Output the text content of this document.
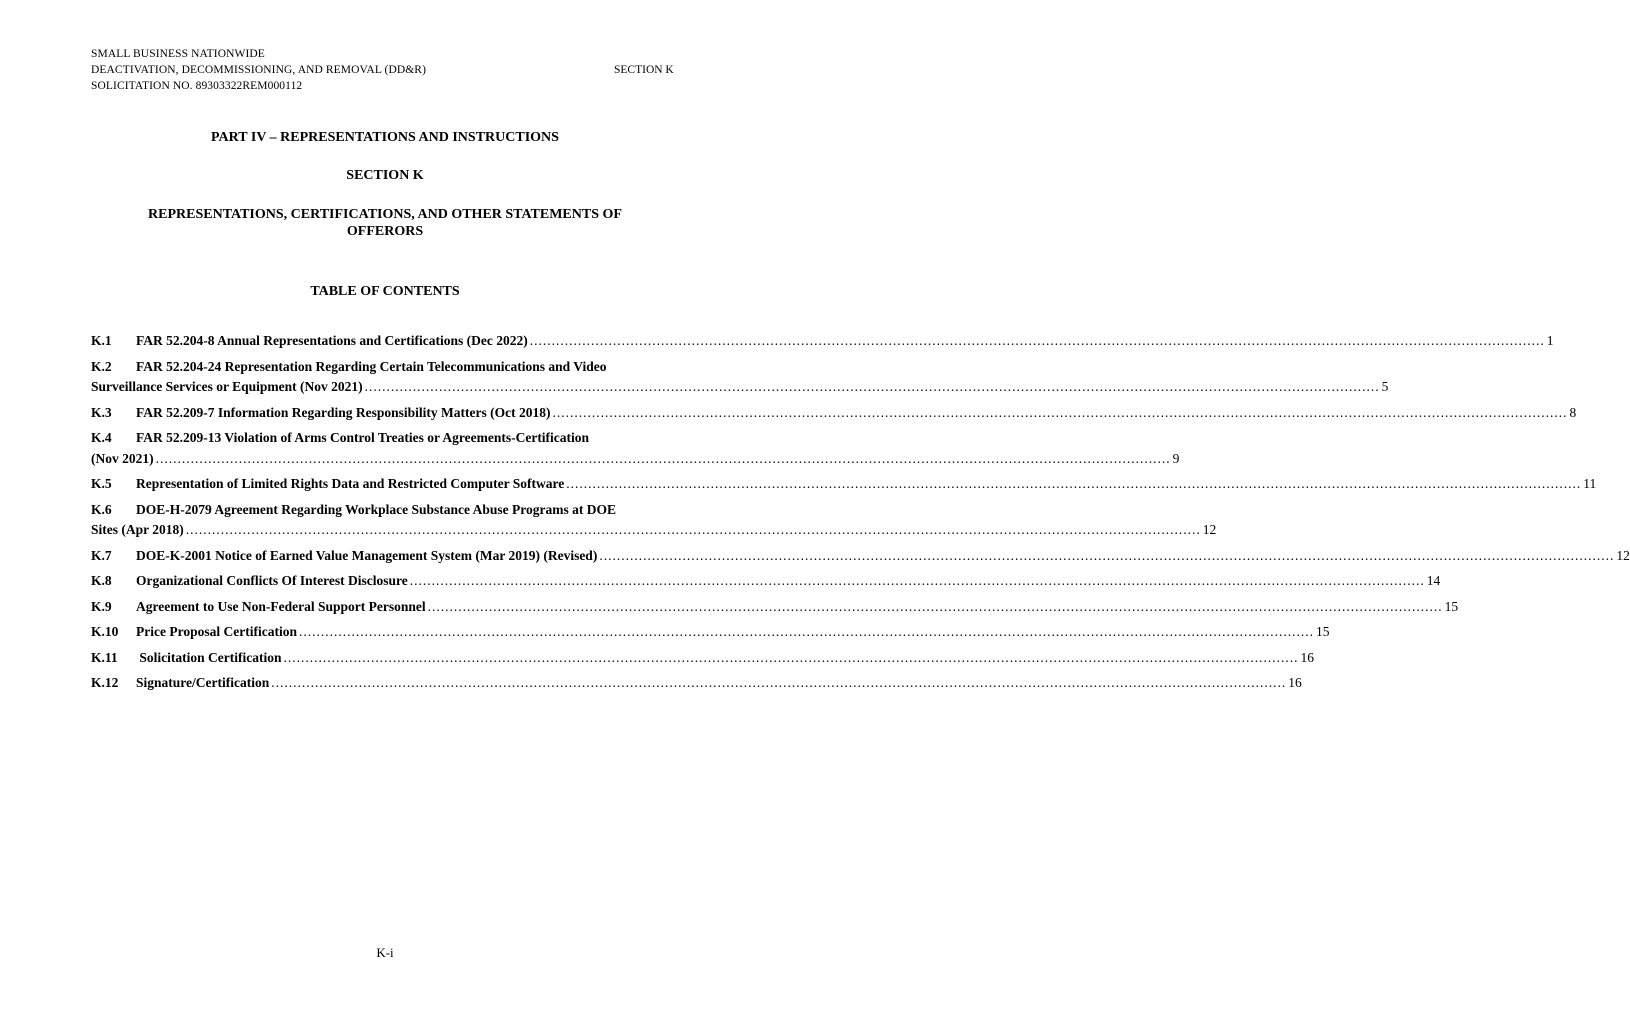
SMALL BUSINESS NATIONWIDE
DEACTIVATION, DECOMMISSIONING, AND REMOVAL (DD&R)
SOLICITATION NO. 89303322REM000112
SECTION K
PART IV – REPRESENTATIONS AND INSTRUCTIONS
SECTION K
REPRESENTATIONS, CERTIFICATIONS, AND OTHER STATEMENTS OF
OFFERORS
TABLE OF CONTENTS
K.1	FAR 52.204-8 Annual Representations and Certifications (Dec 2022) .....	1
K.2	FAR 52.204-24 Representation Regarding Certain Telecommunications and Video
Surveillance Services or Equipment (Nov 2021) .....	5
K.3	FAR 52.209-7 Information Regarding Responsibility Matters (Oct 2018) .....	8
K.4	FAR 52.209-13 Violation of Arms Control Treaties or Agreements-Certification
(Nov 2021) .....	9
K.5	Representation of Limited Rights Data and Restricted Computer Software .....	11
K.6	DOE-H-2079 Agreement Regarding Workplace Substance Abuse Programs at DOE
Sites (Apr 2018) .....	12
K.7	DOE-K-2001 Notice of Earned Value Management System (Mar 2019) (Revised) .....	12
K.8	Organizational Conflicts Of Interest Disclosure .....	14
K.9	Agreement to Use Non-Federal Support Personnel .....	15
K.10	Price Proposal Certification .....	15
K.11	Solicitation Certification .....	16
K.12	Signature/Certification .....	16
K-i
